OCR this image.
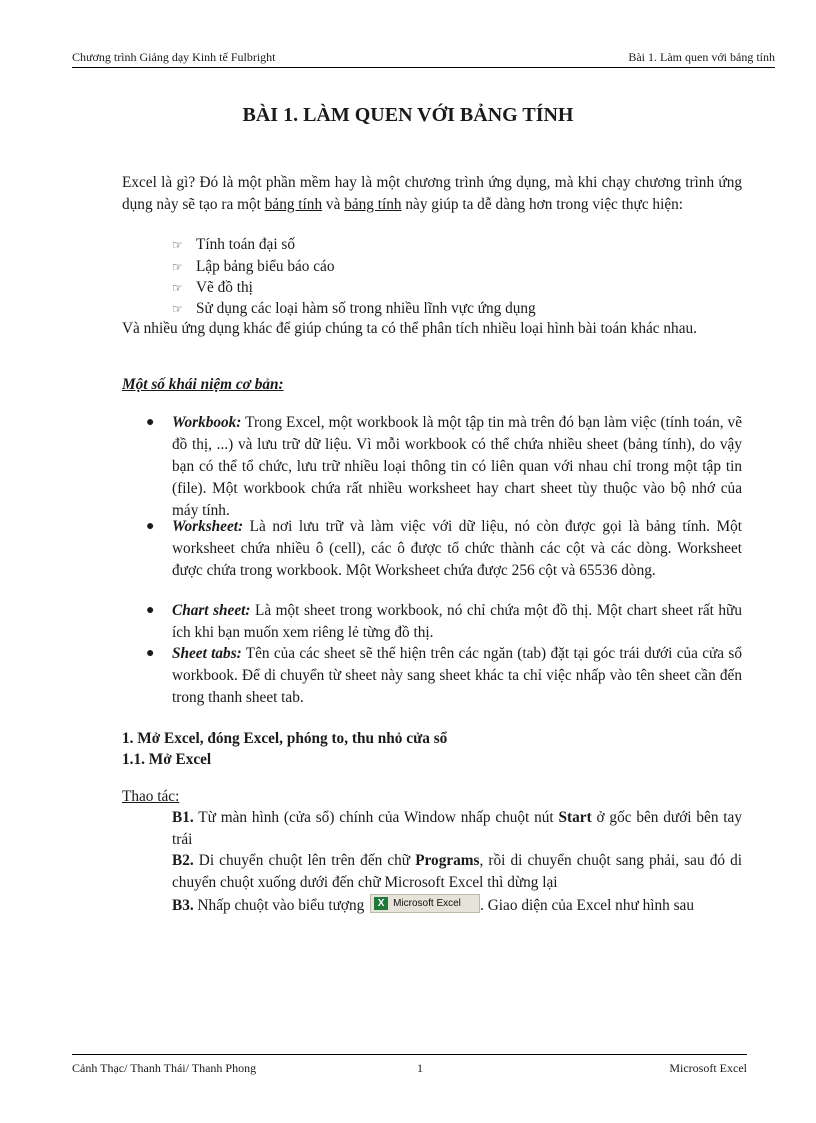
Chương trình Giảng dạy Kinh tế Fulbright	Bài 1. Làm quen với bảng tính
BÀI 1. LÀM QUEN VỚI BẢNG TÍNH

Excel là gì? Đó là một phần mềm hay là một chương trình ứng dụng, mà khi chạy chương trình ứng dụng này sẽ tạo ra một bảng tính và bảng tính này giúp ta dễ dàng hơn trong việc thực hiện:

☞ Tính toán đại số
☞ Lập bảng biểu báo cáo
☞ Vẽ đồ thị
☞ Sử dụng các loại hàm số trong nhiều lĩnh vực ứng dụng

Và nhiều ứng dụng khác để giúp chúng ta có thể phân tích nhiều loại hình bài toán khác nhau.

Một số khái niệm cơ bản:
● Workbook: Trong Excel, một workbook là một tập tin mà trên đó bạn làm việc (tính toán, vẽ đồ thị, ...) và lưu trữ dữ liệu. Vì mỗi workbook có thể chứa nhiều sheet (bảng tính), do vậy bạn có thể tổ chức, lưu trữ nhiều loại thông tin có liên quan với nhau chỉ trong một tập tin (file). Một workbook chứa rất nhiều worksheet hay chart sheet tùy thuộc vào bộ nhớ của máy tính.

● Worksheet: Là nơi lưu trữ và làm việc với dữ liệu, nó còn được gọi là bảng tính. Một worksheet chứa nhiều ô (cell), các ô được tổ chức thành các cột và các dòng. Worksheet được chứa trong workbook. Một Worksheet chứa được 256 cột và 65536 dòng.

● Chart sheet: Là một sheet trong workbook, nó chỉ chứa một đồ thị. Một chart sheet rất hữu ích khi bạn muốn xem riêng lẻ từng đồ thị.

● Sheet tabs: Tên của các sheet sẽ thể hiện trên các ngăn (tab) đặt tại góc trái dưới của cửa sổ workbook. Để di chuyển từ sheet này sang sheet khác ta chỉ việc nhấp vào tên sheet cần đến trong thanh sheet tab.

1. Mở Excel, đóng Excel, phóng to, thu nhỏ cửa sổ
1.1. Mở Excel
Thao tác:

B1. Từ màn hình (cửa sổ) chính của Window nhấp chuột nút Start ở gốc bên dưới bên tay trái

B2. Di chuyển chuột lên trên đến chữ Programs, rồi di chuyển chuột sang phải, sau đó di chuyển chuột xuống dưới đến chữ Microsoft Excel thì dừng lại

B3. Nhấp chuột vào biểu tượng X Microsoft Excel . Giao diện của Excel như hình sau

Cảnh Thạc/ Thanh Thái/ Thanh Phong	1	Microsoft Excel
